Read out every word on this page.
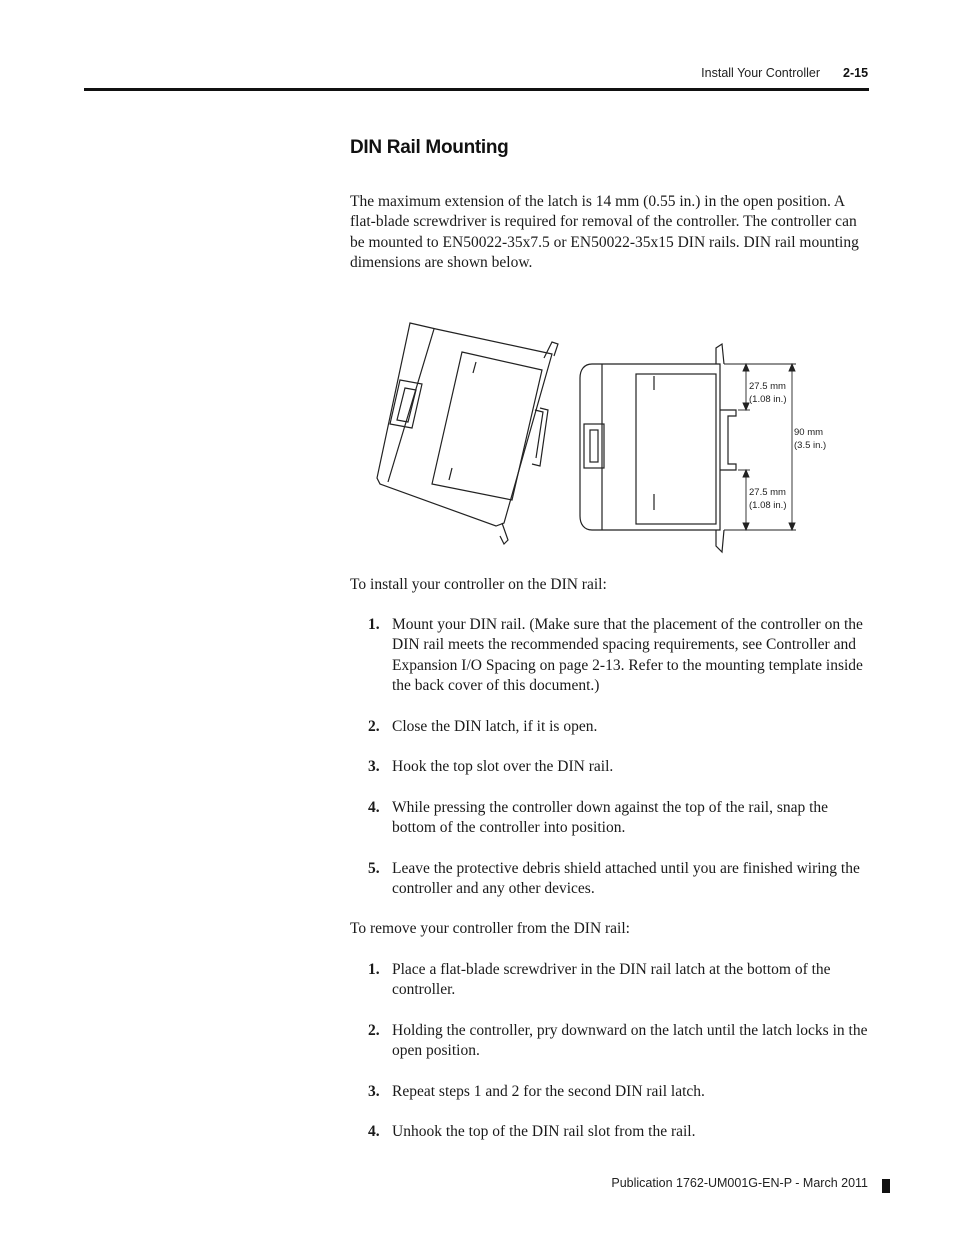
Install Your Controller 2-15
DIN Rail Mounting

The maximum extension of the latch is 14 mm (0.55 in.) in the open position. A flat-blade screwdriver is required for removal of the controller. The controller can be mounted to EN50022-35x7.5 or EN50022-35x15 DIN rails. DIN rail mounting dimensions are shown below.

27.5 mm
(1.08 in.)
90 mm
(3.5 in.)
27.5 mm
(1.08 in.)

To install your controller on the DIN rail:

1. Mount your DIN rail. (Make sure that the placement of the controller on the DIN rail meets the recommended spacing requirements, see Controller and Expansion I/O Spacing on page 2-13. Refer to the mounting template inside the back cover of this document.)
2. Close the DIN latch, if it is open.
3. Hook the top slot over the DIN rail.
4. While pressing the controller down against the top of the rail, snap the bottom of the controller into position.
5. Leave the protective debris shield attached until you are finished wiring the controller and any other devices.

To remove your controller from the DIN rail:

1. Place a flat-blade screwdriver in the DIN rail latch at the bottom of the controller.
2. Holding the controller, pry downward on the latch until the latch locks in the open position.
3. Repeat steps 1 and 2 for the second DIN rail latch.
4. Unhook the top of the DIN rail slot from the rail.
Publication 1762-UM001G-EN-P - March 2011
